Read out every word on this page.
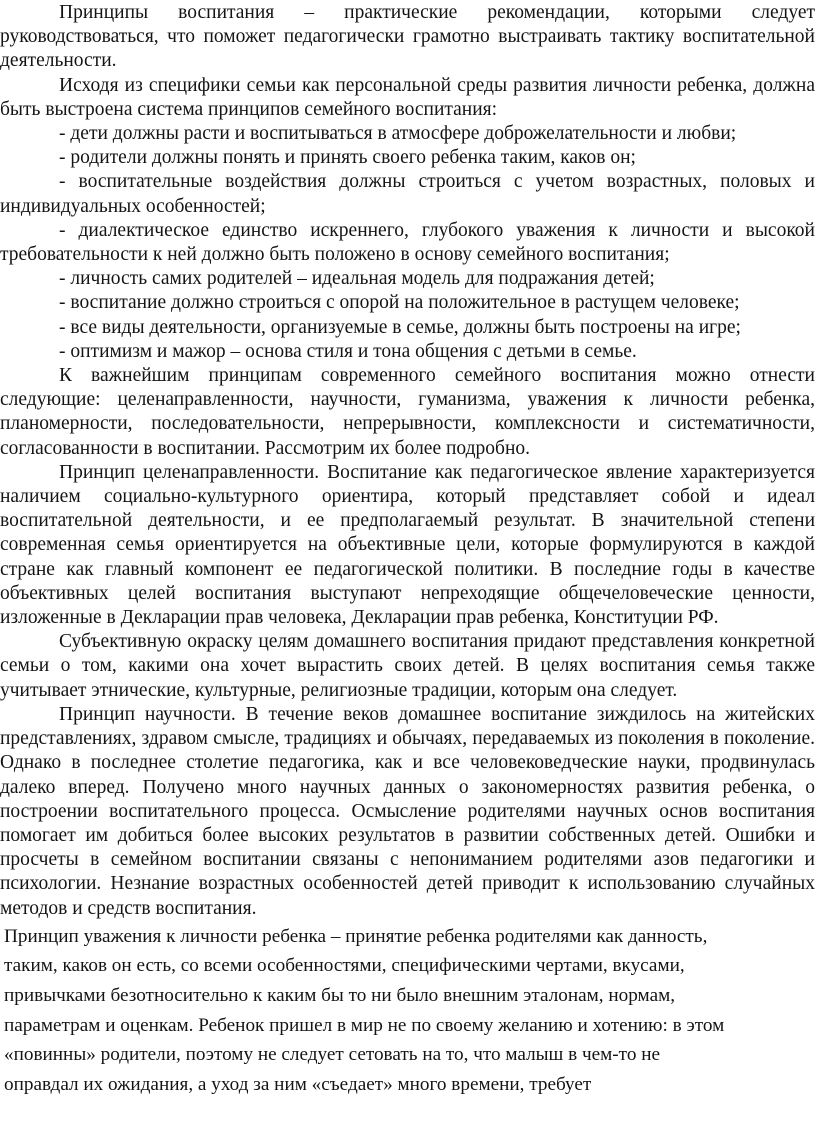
Принципы воспитания – практические рекомендации, которыми следует руководствоваться, что поможет педагогически грамотно выстраивать тактику воспитательной деятельности.

Исходя из специфики семьи как персональной среды развития личности ребенка, должна быть выстроена система принципов семейного воспитания:

- дети должны расти и воспитываться в атмосфере доброжелательности и любви;

- родители должны понять и принять своего ребенка таким, каков он;

- воспитательные воздействия должны строиться с учетом возрастных, половых и индивидуальных особенностей;

- диалектическое единство искреннего, глубокого уважения к личности и высокой требовательности к ней должно быть положено в основу семейного воспитания;

- личность самих родителей – идеальная модель для подражания детей;

- воспитание должно строиться с опорой на положительное в растущем человеке;

- все виды деятельности, организуемые в семье, должны быть построены на игре;

- оптимизм и мажор – основа стиля и тона общения с детьми в семье.

К важнейшим принципам современного семейного воспитания можно отнести следующие: целенаправленности, научности, гуманизма, уважения к личности ребенка, планомерности, последовательности, непрерывности, комплексности и систематичности, согласованности в воспитании. Рассмотрим их более подробно.

Принцип целенаправленности. Воспитание как педагогическое явление характеризуется наличием социально-культурного ориентира, который представляет собой и идеал воспитательной деятельности, и ее предполагаемый результат. В значительной степени современная семья ориентируется на объективные цели, которые формулируются в каждой стране как главный компонент ее педагогической политики. В последние годы в качестве объективных целей воспитания выступают непреходящие общечеловеческие ценности, изложенные в Декларации прав человека, Декларации прав ребенка, Конституции РФ.

Субъективную окраску целям домашнего воспитания придают представления конкретной семьи о том, какими она хочет вырастить своих детей. В целях воспитания семья также учитывает этнические, культурные, религиозные традиции, которым она следует.

Принцип научности. В течение веков домашнее воспитание зиждилось на житейских представлениях, здравом смысле, традициях и обычаях, передаваемых из поколения в поколение. Однако в последнее столетие педагогика, как и все человековедческие науки, продвинулась далеко вперед. Получено много научных данных о закономерностях развития ребенка, о построении воспитательного процесса. Осмысление родителями научных основ воспитания помогает им добиться более высоких результатов в развитии собственных детей. Ошибки и просчеты в семейном воспитании связаны с непониманием родителями азов педагогики и психологии. Незнание возрастных особенностей детей приводит к использованию случайных методов и средств воспитания.

Принцип уважения к личности ребенка – принятие ребенка родителями как данность,

таким, каков он есть, со всеми особенностями, специфическими чертами, вкусами,

привычками безотносительно к каким бы то ни было внешним эталонам, нормам,

параметрам и оценкам. Ребенок пришел в мир не по своему желанию и хотению: в этом

«повинны» родители, поэтому не следует сетовать на то, что малыш в чем-то не

оправдал их ожидания, а уход за ним «съедает» много времени, требует
